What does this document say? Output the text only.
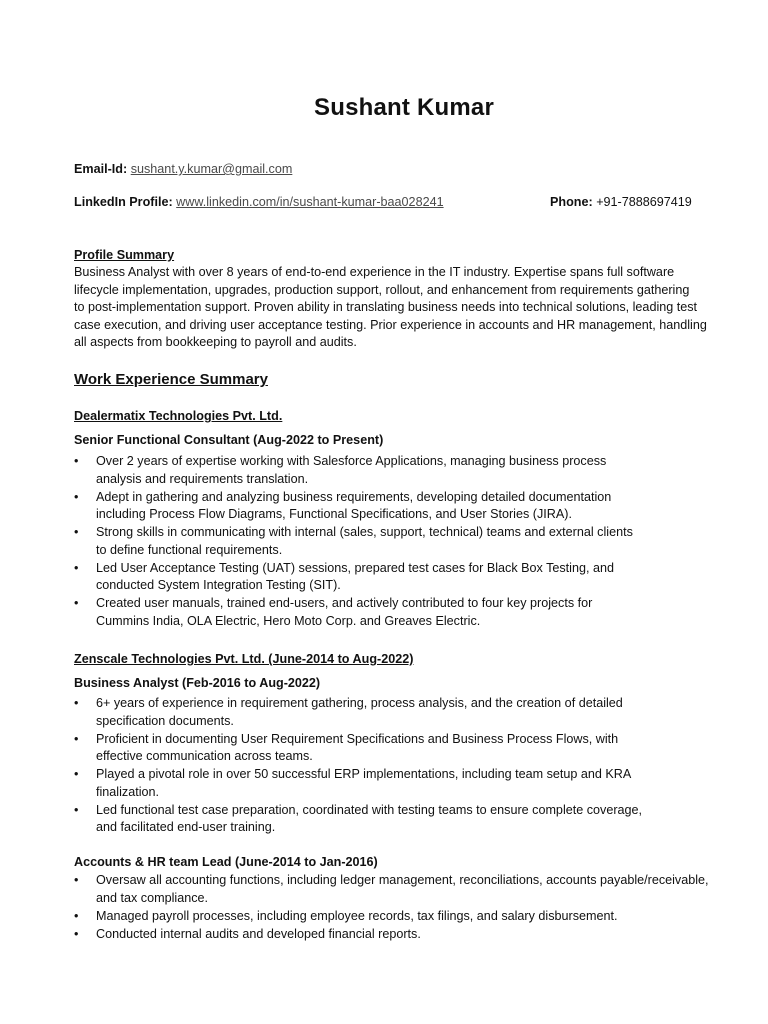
Sushant Kumar
Email-Id: sushant.y.kumar@gmail.com
LinkedIn Profile: www.linkedin.com/in/sushant-kumar-baa028241	Phone: +91-7888697419
Profile Summary
Business Analyst with over 8 years of end-to-end experience in the IT industry. Expertise spans full software
lifecycle implementation, upgrades, production support, rollout, and enhancement from requirements gathering
to post-implementation support. Proven ability in translating business needs into technical solutions, leading test
case execution, and driving user acceptance testing. Prior experience in accounts and HR management, handling
all aspects from bookkeeping to payroll and audits.
Work Experience Summary
Dealermatix Technologies Pvt. Ltd.
Senior Functional Consultant (Aug-2022 to Present)
• Over 2 years of expertise working with Salesforce Applications, managing business process
analysis and requirements translation.
• Adept in gathering and analyzing business requirements, developing detailed documentation
including Process Flow Diagrams, Functional Specifications, and User Stories (JIRA).
• Strong skills in communicating with internal (sales, support, technical) teams and external clients
to define functional requirements.
• Led User Acceptance Testing (UAT) sessions, prepared test cases for Black Box Testing, and
conducted System Integration Testing (SIT).
• Created user manuals, trained end-users, and actively contributed to four key projects for
Cummins India, OLA Electric, Hero Moto Corp. and Greaves Electric.
Zenscale Technologies Pvt. Ltd. (June-2014 to Aug-2022)
Business Analyst (Feb-2016 to Aug-2022)
• 6+ years of experience in requirement gathering, process analysis, and the creation of detailed
specification documents.
• Proficient in documenting User Requirement Specifications and Business Process Flows, with
effective communication across teams.
• Played a pivotal role in over 50 successful ERP implementations, including team setup and KRA
finalization.
• Led functional test case preparation, coordinated with testing teams to ensure complete coverage,
and facilitated end-user training.
Accounts & HR team Lead (June-2014 to Jan-2016)
• Oversaw all accounting functions, including ledger management, reconciliations, accounts payable/receivable,
and tax compliance.
• Managed payroll processes, including employee records, tax filings, and salary disbursement.
• Conducted internal audits and developed financial reports.
